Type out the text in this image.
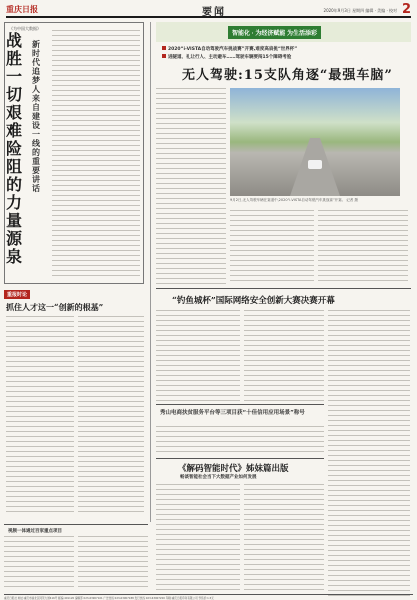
重庆日报	要闻	2020年9月3日 星期四 编辑 · 美编 · 校对 2
《为中国大数据》
战胜一切艰难险阻的力量源泉
新时代追梦人来自建设一线的重要讲话
重报时论
抓住人才这一“创新的根基”
智能化 · 为经济赋能 为生活添彩
2020“i-VISTA自动驾驶汽车挑战赛”开赛,难度高肩挑“世界杯”
进隧道、礼让行人、主动避车……驾驶车辆要闯15个障碍考验
无人驾驶:15支队角逐“最强车脑”
9月2日,无人驾驶车辆在赛道中,2020“i-VISTA自动驾驶汽车挑战赛”开赛。 记者 摄
“钓鱼城杯”国际网络安全创新大赛决赛开幕
秀山电商扶贫服务平台等三项目获“十佳信用应用场景”称号
《解码智能时代》姊妹篇出版
畅谈智能社会当下大数据产业如何发展
视频一体通过百家重点项目
重庆日报社 地址:重庆市渝北区同茂大道416号 邮编:401120 编辑部 023-63907101 广告热线 023-63907188 发行热线 023-63907200 印刷:重庆日报印务有限公司 零售价:1.5元
